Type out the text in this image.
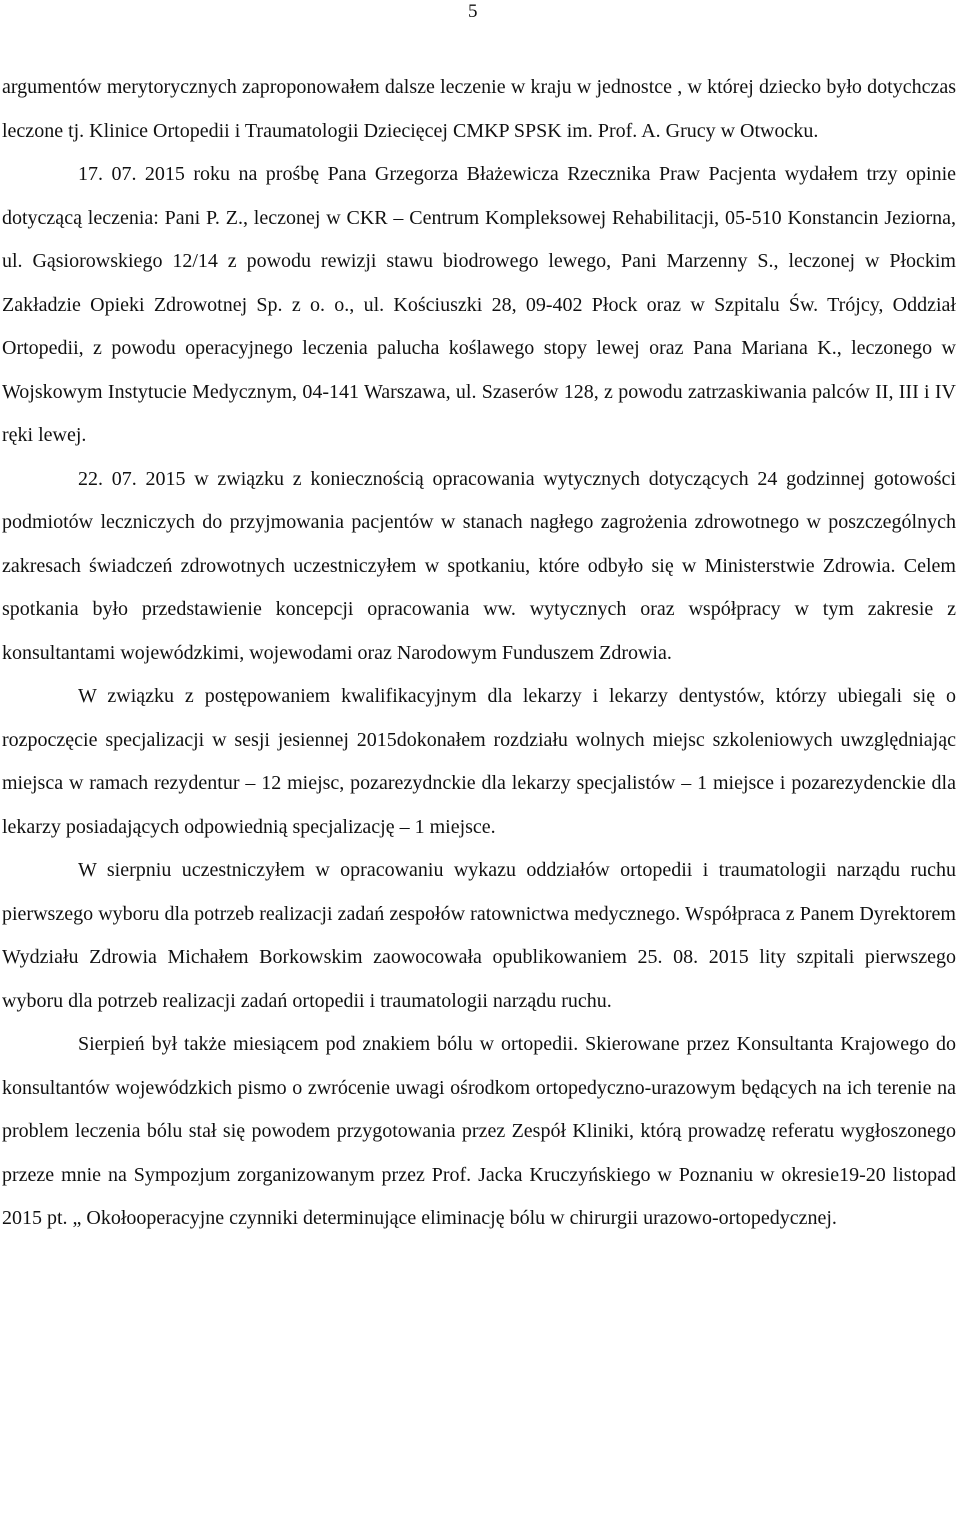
5

argumentów merytorycznych zaproponowałem dalsze leczenie w kraju w jednostce , w której dziecko było dotychczas leczone tj. Klinice Ortopedii i Traumatologii Dziecięcej CMKP SPSK im. Prof. A. Grucy w Otwocku.

17. 07. 2015 roku na prośbę Pana Grzegorza Błażewicza Rzecznika Praw Pacjenta wydałem trzy opinie dotyczącą leczenia: Pani P. Z., leczonej w CKR – Centrum Kompleksowej Rehabilitacji, 05-510 Konstancin Jeziorna, ul. Gąsiorowskiego 12/14 z powodu rewizji stawu biodrowego lewego, Pani Marzenny S., leczonej w Płockim Zakładzie Opieki Zdrowotnej Sp. z o. o., ul. Kościuszki 28, 09-402 Płock oraz w Szpitalu Św. Trójcy, Oddział Ortopedii, z powodu operacyjnego leczenia palucha koślawego stopy lewej oraz Pana Mariana K., leczonego w Wojskowym Instytucie Medycznym, 04-141 Warszawa, ul. Szaserów 128, z powodu zatrzaskiwania palców II, III i IV ręki lewej.

22. 07. 2015 w związku z koniecznością opracowania wytycznych dotyczących 24 godzinnej gotowości podmiotów leczniczych do przyjmowania pacjentów w stanach nagłego zagrożenia zdrowotnego w poszczególnych zakresach świadczeń zdrowotnych uczestniczyłem w spotkaniu, które odbyło się w Ministerstwie Zdrowia. Celem spotkania było przedstawienie koncepcji opracowania ww. wytycznych oraz współpracy w tym zakresie z konsultantami wojewódzkimi, wojewodami oraz Narodowym Funduszem Zdrowia.

W związku z postępowaniem kwalifikacyjnym dla lekarzy i lekarzy dentystów, którzy ubiegali się o rozpoczęcie specjalizacji w sesji jesiennej 2015dokonałem rozdziału wolnych miejsc szkoleniowych uwzględniając miejsca w ramach rezydentur – 12 miejsc, pozarezydnckie dla lekarzy specjalistów – 1 miejsce i pozarezydenckie dla lekarzy posiadających odpowiednią specjalizację – 1 miejsce.

W sierpniu uczestniczyłem w opracowaniu wykazu oddziałów ortopedii i traumatologii narządu ruchu pierwszego wyboru dla potrzeb realizacji zadań zespołów ratownictwa medycznego. Współpraca z Panem Dyrektorem Wydziału Zdrowia Michałem Borkowskim zaowocowała opublikowaniem 25. 08. 2015 lity szpitali pierwszego wyboru dla potrzeb realizacji zadań ortopedii i traumatologii narządu ruchu.

Sierpień był także miesiącem pod znakiem bólu w ortopedii. Skierowane przez Konsultanta Krajowego do konsultantów wojewódzkich pismo o zwrócenie uwagi ośrodkom ortopedyczno-urazowym będących na ich terenie na problem leczenia bólu stał się powodem przygotowania przez Zespół Kliniki, którą prowadzę referatu wygłoszonego przeze mnie na Sympozjum zorganizowanym przez Prof. Jacka Kruczyńskiego w Poznaniu w okresie19-20 listopad 2015 pt. „ Okołooperacyjne czynniki determinujące eliminację bólu w chirurgii urazowo-ortopedycznej.
